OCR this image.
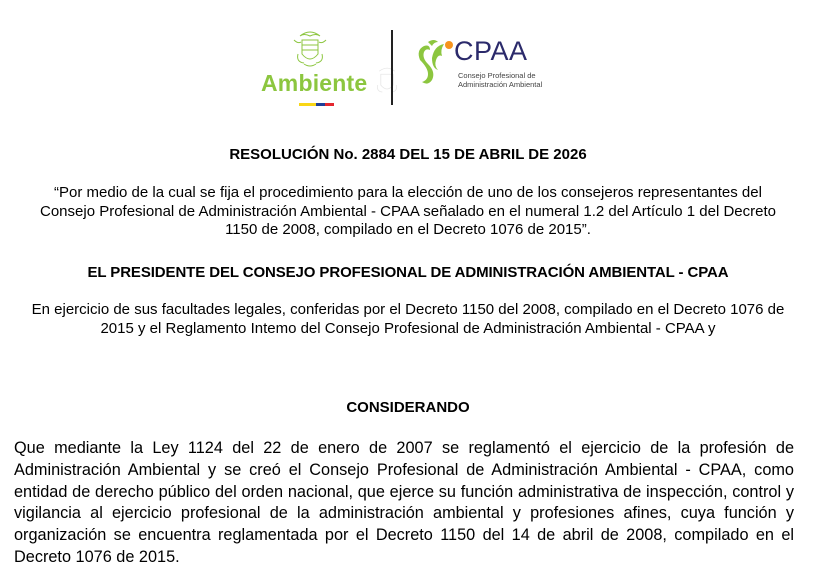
Ambiente
CPAA
Consejo Profesional de
Administración Ambiental
RESOLUCIÓN No. 2884 DEL 15 DE ABRIL DE 2026
“Por medio de la cual se fija el procedimiento para la elección de uno de los consejeros representantes del Consejo Profesional de Administración Ambiental - CPAA señalado en el numeral 1.2 del Artículo 1 del Decreto 1150 de 2008, compilado en el Decreto 1076 de 2015”.
EL PRESIDENTE DEL CONSEJO PROFESIONAL DE ADMINISTRACIÓN AMBIENTAL - CPAA
En ejercicio de sus facultades legales, conferidas por el Decreto 1150 del 2008, compilado en el Decreto 1076 de 2015 y el Reglamento Intemo del Consejo Profesional de Administración Ambiental - CPAA y
CONSIDERANDO
Que mediante la Ley 1124 del 22 de enero de 2007 se reglamentó el ejercicio de la profesión de Administración Ambiental y se creó el Consejo Profesional de Administración Ambiental - CPAA, como entidad de derecho público del orden nacional, que ejerce su función administrativa de inspección, control y vigilancia al ejercicio profesional de la administración ambiental y profesiones afines, cuya función y organización se encuentra reglamentada por el Decreto 1150 del 14 de abril de 2008, compilado en el Decreto 1076 de 2015.
